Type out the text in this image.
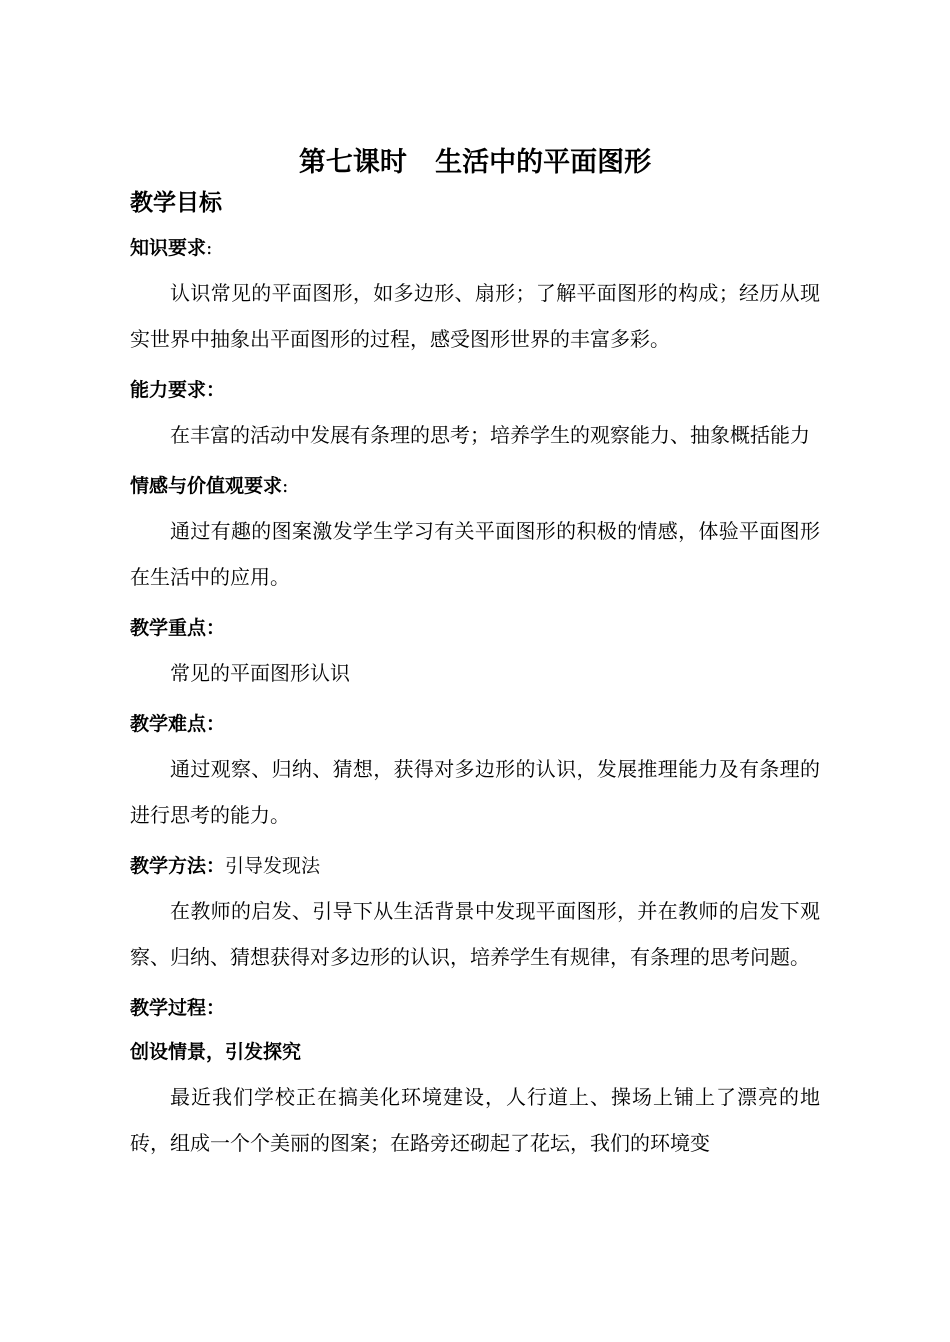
第七课时   生活中的平面图形

教学目标

知识要求:

认识常见的平面图形，如多边形、扇形；了解平面图形的构成；经历从现实世界中抽象出平面图形的过程，感受图形世界的丰富多彩。

能力要求：

在丰富的活动中发展有条理的思考；培养学生的观察能力、抽象概括能力

情感与价值观要求:

通过有趣的图案激发学生学习有关平面图形的积极的情感，体验平面图形在生活中的应用。

教学重点：

常见的平面图形认识

教学难点：

通过观察、归纳、猜想，获得对多边形的认识，发展推理能力及有条理的进行思考的能力。

教学方法：引导发现法

在教师的启发、引导下从生活背景中发现平面图形，并在教师的启发下观察、归纳、猜想获得对多边形的认识，培养学生有规律，有条理的思考问题。

教学过程：

创设情景，引发探究

最近我们学校正在搞美化环境建设，人行道上、操场上铺上了漂亮的地砖，组成一个个美丽的图案；在路旁还砌起了花坛，我们的环境变
